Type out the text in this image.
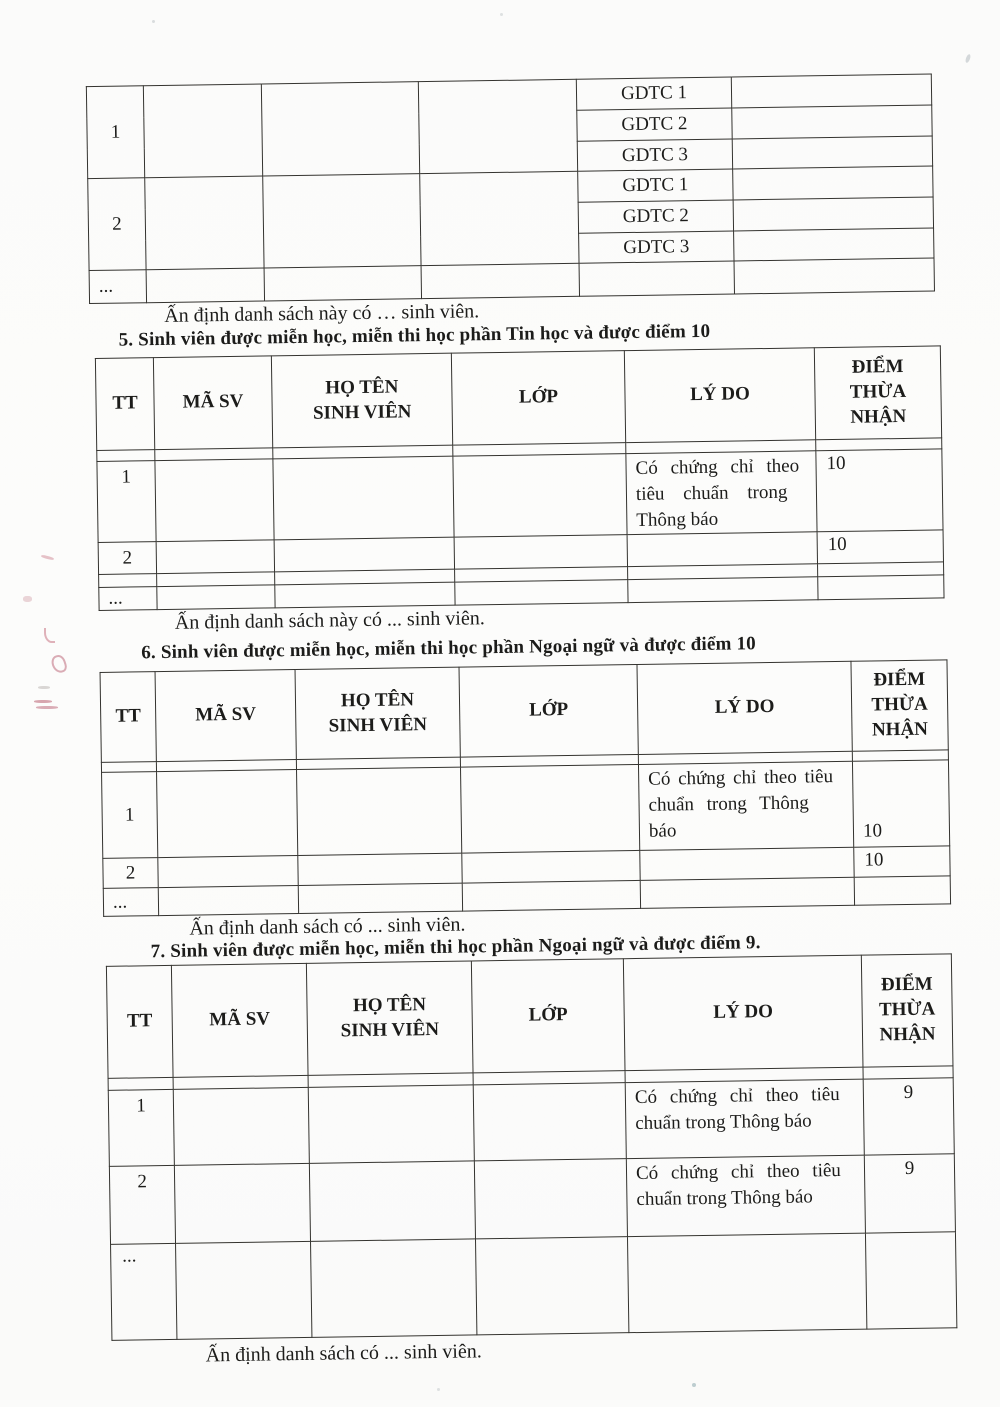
1				GDTC 1	
				GDTC 2	
				GDTC 3	
2				GDTC 1	
				GDTC 2	
				GDTC 3	
...					
Ấn định danh sách này có … sinh viên.
5. Sinh viên được miễn học, miễn thi học phần Tin học và được điểm 10
TT	MÃ SV	HỌ TÊN SINH VIÊN	LỚP	LÝ DO	ĐIỂM THỪA NHẬN

1				Có chứng chỉ theo
tiêu chuẩn trong
Thông báo	10
2					10

...					
Ấn định danh sách này có ... sinh viên.
6. Sinh viên được miễn học, miễn thi học phần Ngoại ngữ và được điểm 10
TT	MÃ SV	HỌ TÊN SINH VIÊN	LỚP	LÝ DO	ĐIỂM THỪA NHẬN

1				Có chứng chỉ theo tiêu
chuẩn trong Thông
báo	10
2					10
...					
Ấn định danh sách có ... sinh viên.
7. Sinh viên được miễn học, miễn thi học phần Ngoại ngữ và được điểm 9.
TT	MÃ SV	HỌ TÊN SINH VIÊN	LỚP	LÝ DO	ĐIỂM THỪA NHẬN

1				Có chứng chỉ theo tiêu
chuẩn trong Thông báo	9
2				Có chứng chỉ theo tiêu
chuẩn trong Thông báo	9
...					
Ấn định danh sách có ... sinh viên.
